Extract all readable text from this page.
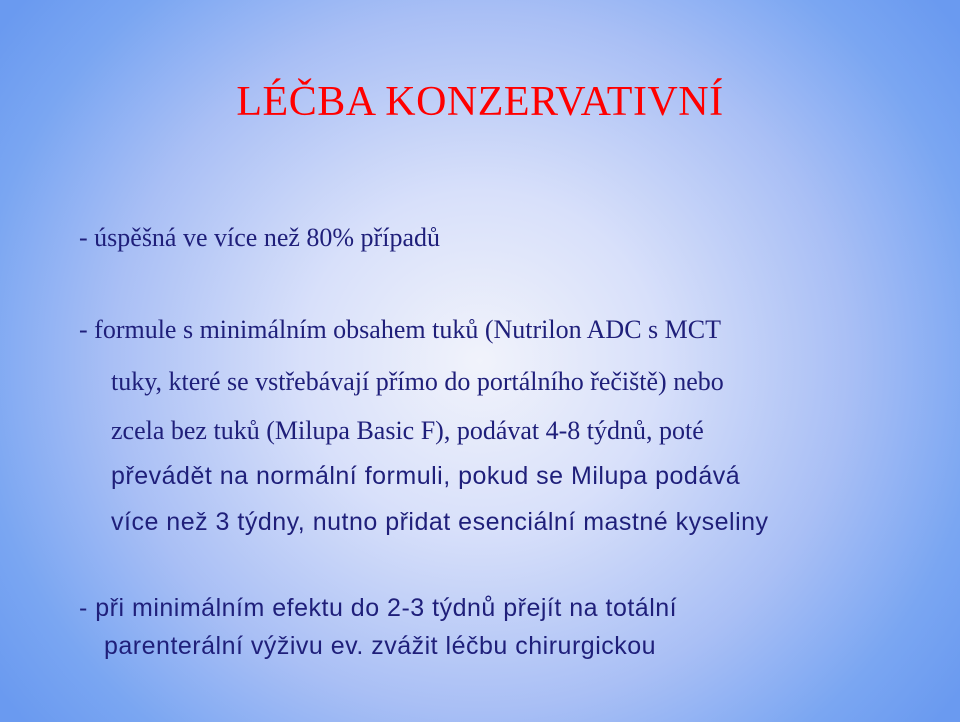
LÉČBA KONZERVATIVNÍ

- úspěšná ve více než 80% případů

- formule s minimálním obsahem tuků (Nutrilon ADC s MCT

tuky, které se vstřebávají přímo do portálního řečiště) nebo

zcela bez tuků (Milupa Basic F), podávat 4-8 týdnů, poté

převádět na normální formuli, pokud se Milupa podává

více než 3 týdny, nutno přidat esenciální mastné kyseliny

- při minimálním efektu do 2-3 týdnů přejít na totální

parenterální výživu ev. zvážit léčbu chirurgickou
